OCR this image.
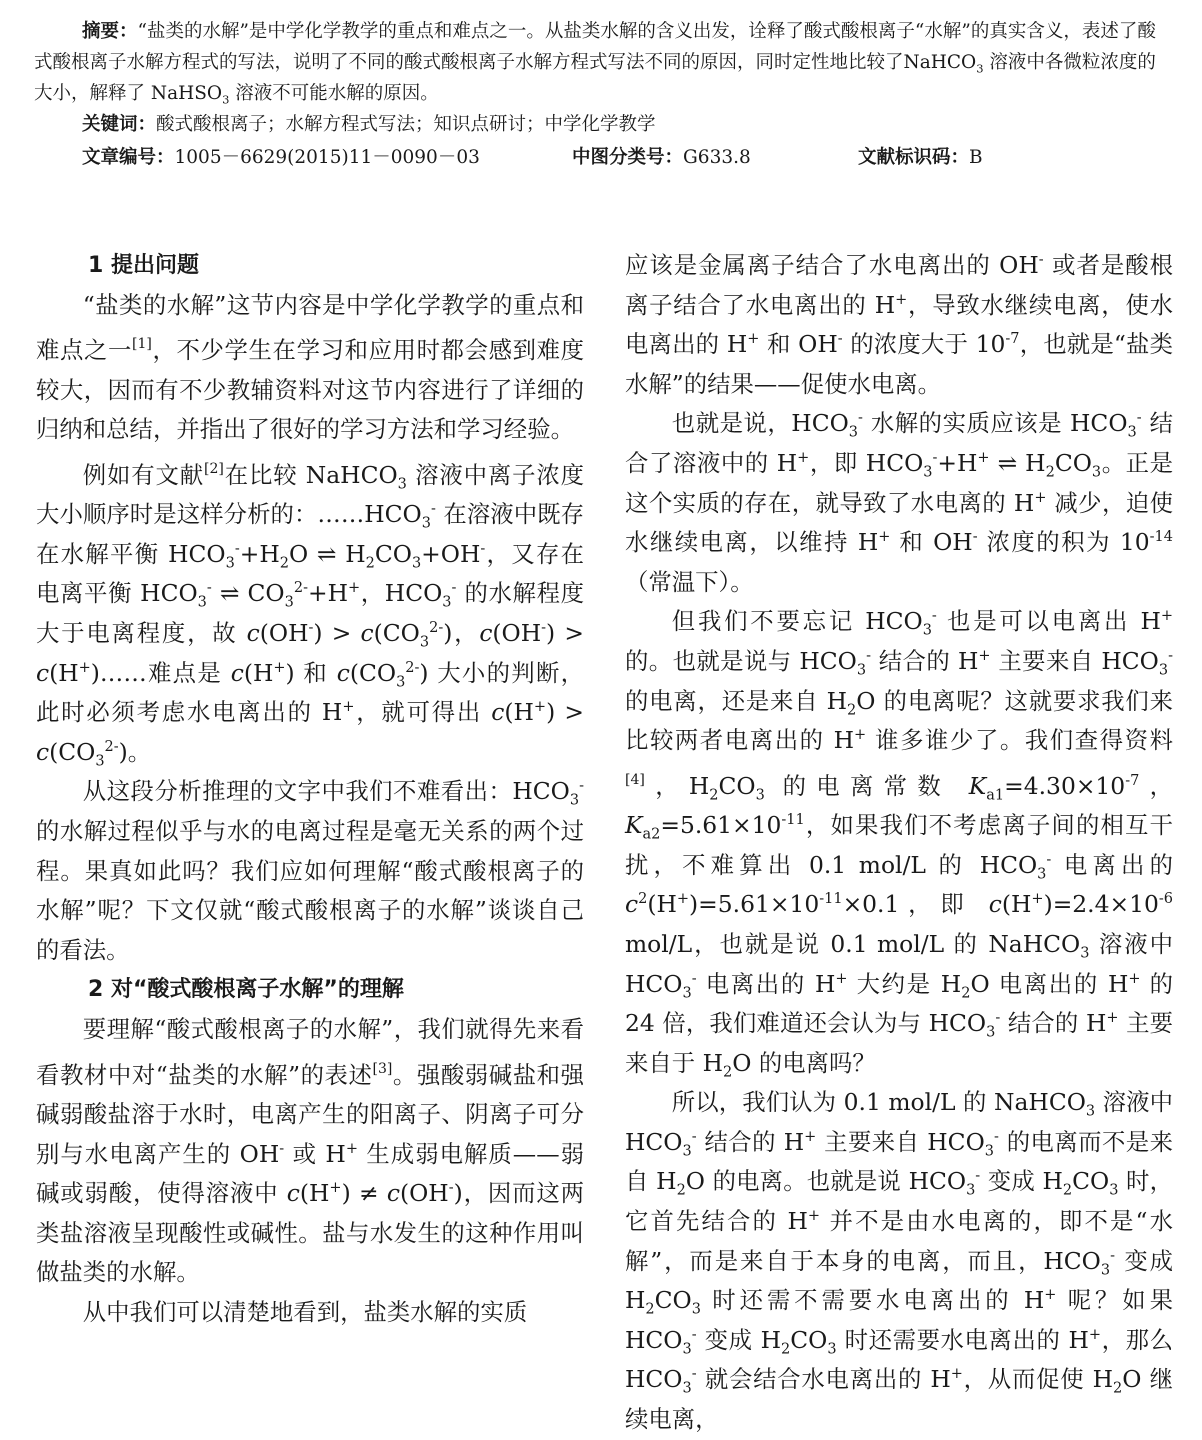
摘要：“盐类的水解”是中学化学教学的重点和难点之一。从盐类水解的含义出发，诠释了酸式酸根离子“水解”的真实含义，表述了酸式酸根离子水解方程式的写法，说明了不同的酸式酸根离子水解方程式写法不同的原因，同时定性地比较了NaHCO$_3$ 溶液中各微粒浓度的大小，解释了 NaHSO$_3$ 溶液不可能水解的原因。

关键词：酸式酸根离子；水解方程式写法；知识点研讨；中学化学教学

文章编号：1005－6629(2015)11－0090－03	中图分类号：G633.8	文献标识码：B
1 提出问题

“盐类的水解”这节内容是中学化学教学的重点和难点之一[1]，不少学生在学习和应用时都会感到难度较大，因而有不少教辅资料对这节内容进行了详细的归纳和总结，并指出了很好的学习方法和学习经验。

例如有文献[2]在比较 NaHCO$_3$ 溶液中离子浓度大小顺序时是这样分析的：$\dots\dots HCO_3^-$ 在溶液中既存在水解平衡 $HCO_3^-+H_2O$ ⇌ $H_2CO_3+OH^-$，又存在电离平衡 $HCO_3^-$ ⇌ $CO_3^{2-}+H^+$，$HCO_3^-$ 的水解程度大于电离程度，故 $c(OH^-) > c(CO_3^{2-})$，c(OH-) > c(H+)……难点是 c(H+) 和 $c(CO_3^{2-})$ 大小的判断，此时必须考虑水电离出的 H+，就可得出 $c(H^+) > c(CO_3^{2-})$。

从这段分析推理的文字中我们不难看出：$HCO_3^-$ 的水解过程似乎与水的电离过程是毫无关系的两个过程。果真如此吗？我们应如何理解“酸式酸根离子的水解”呢？下文仅就“酸式酸根离子的水解”谈谈自己的看法。

2 对“酸式酸根离子水解”的理解

要理解“酸式酸根离子的水解”，我们就得先来看看教材中对“盐类的水解”的表述[3]。强酸弱碱盐和强碱弱酸盐溶于水时，电离产生的阳离子、阴离子可分别与水电离产生的 OH- 或 H+ 生成弱电解质——弱碱或弱酸，使得溶液中 c(H+) ≠ c(OH-)，因而这两类盐溶液呈现酸性或碱性。盐与水发生的这种作用叫做盐类的水解。

从中我们可以清楚地看到，盐类水解的实质

应该是金属离子结合了水电离出的 OH- 或者是酸根离子结合了水电离出的 H+，导致水继续电离，使水电离出的 H+ 和 OH- 的浓度大于 $10^{-7}$，也就是“盐类水解”的结果——促使水电离。

也就是说，$HCO_3^-$ 水解的实质应该是 $HCO_3^-$ 结合了溶液中的 H+，即 $HCO_3^-+H^+$ ⇌ $H_2CO_3$。正是这个实质的存在，就导致了水电离的 H+ 减少，迫使水继续电离，以维持 H+ 和 OH- 浓度的积为 $10^{-14}$（常温下）。

但我们不要忘记 $HCO_3^-$ 也是可以电离出 H+ 的。也就是说与 $HCO_3^-$ 结合的 H+ 主要来自 $HCO_3^-$ 的电离，还是来自 $H_2O$ 的电离呢？这就要求我们来比较两者电离出的 H+ 谁多谁少了。我们查得资料[4]，$H_2CO_3$ 的电离常数 $K_{a1}=4.30\times 10^{-7}$，$K_{a2}=5.61\times 10^{-11}$，如果我们不考虑离子间的相互干扰，不难算出 0.1 mol/L 的 $HCO_3^-$ 电离出的 $c^2(H^+)=5.61\times 10^{-11}\times 0.1$，即 $c(H^+)=2.4\times 10^{-6}$ mol/L，也就是说 0.1 mol/L 的 NaHCO$_3$ 溶液中 $HCO_3^-$ 电离出的 H+ 大约是 $H_2O$ 电离出的 H+ 的 24 倍，我们难道还会认为与 $HCO_3^-$ 结合的 H+ 主要来自于 $H_2O$ 的电离吗？

所以，我们认为 0.1 mol/L 的 NaHCO$_3$ 溶液中 $HCO_3^-$ 结合的 H+ 主要来自 $HCO_3^-$ 的电离而不是来自 $H_2O$ 的电离。也就是说 $HCO_3^-$ 变成 $H_2CO_3$ 时，它首先结合的 H+ 并不是由水电离的，即不是“水解”，而是来自于本身的电离，而且，$HCO_3^-$ 变成 $H_2CO_3$ 时还需不需要水电离出的 H+ 呢？如果 $HCO_3^-$ 变成 $H_2CO_3$ 时还需要水电离出的 H+，那么 $HCO_3^-$ 就会结合水电离出的 H+，从而促使 $H_2O$ 继续电离，
